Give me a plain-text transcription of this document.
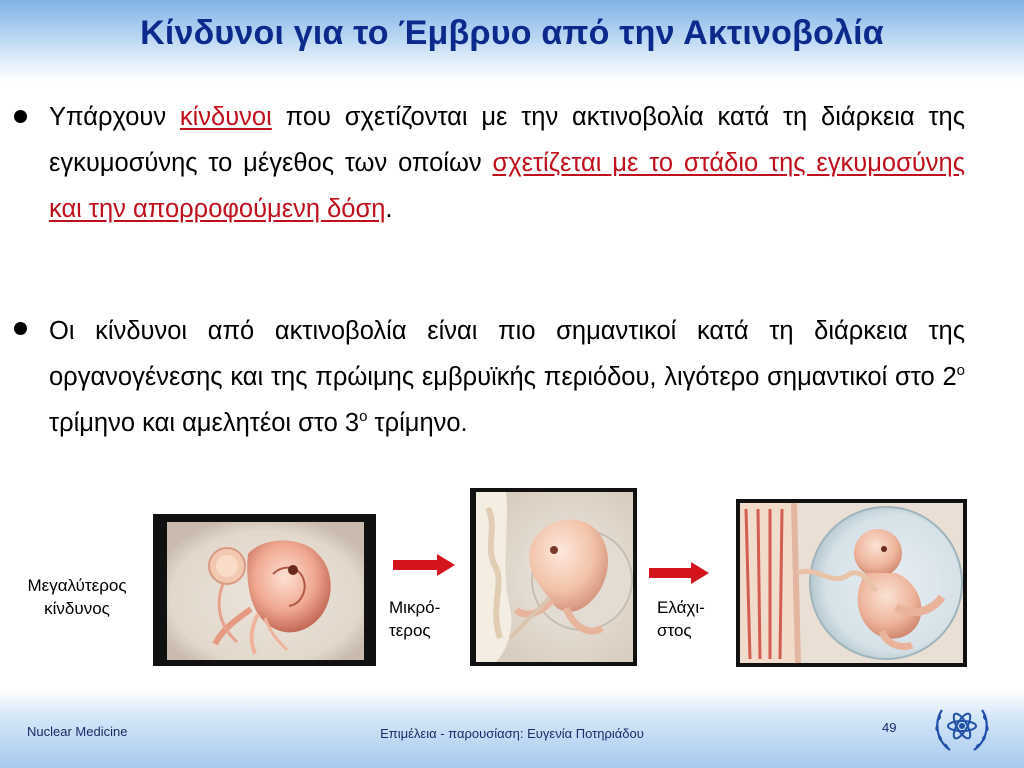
Κίνδυνοι για το Έμβρυο από την Ακτινοβολία
Υπάρχουν κίνδυνοι που σχετίζονται με την ακτινοβολία κατά τη διάρκεια της εγκυμοσύνης το μέγεθος των οποίων σχετίζεται με το στάδιο της εγκυμοσύνης και την απορροφούμενη δόση.
Οι κίνδυνοι από ακτινοβολία είναι πιο σημαντικοί κατά τη διάρκεια της οργανογένεσης και της πρώιμης εμβρυϊκής περιόδου, λιγότερο σημαντικοί στο $2^o$ τρίμηνο και αμελητέοι στο $3^o$ τρίμηνο.
Μεγαλύτερος
κίνδυνος	Μικρό-
τερος
Ελάχι-
στος
Nuclear Medicine	Επιμέλεια - παρουσίαση: Ευγενία Ποτηριάδου	49
